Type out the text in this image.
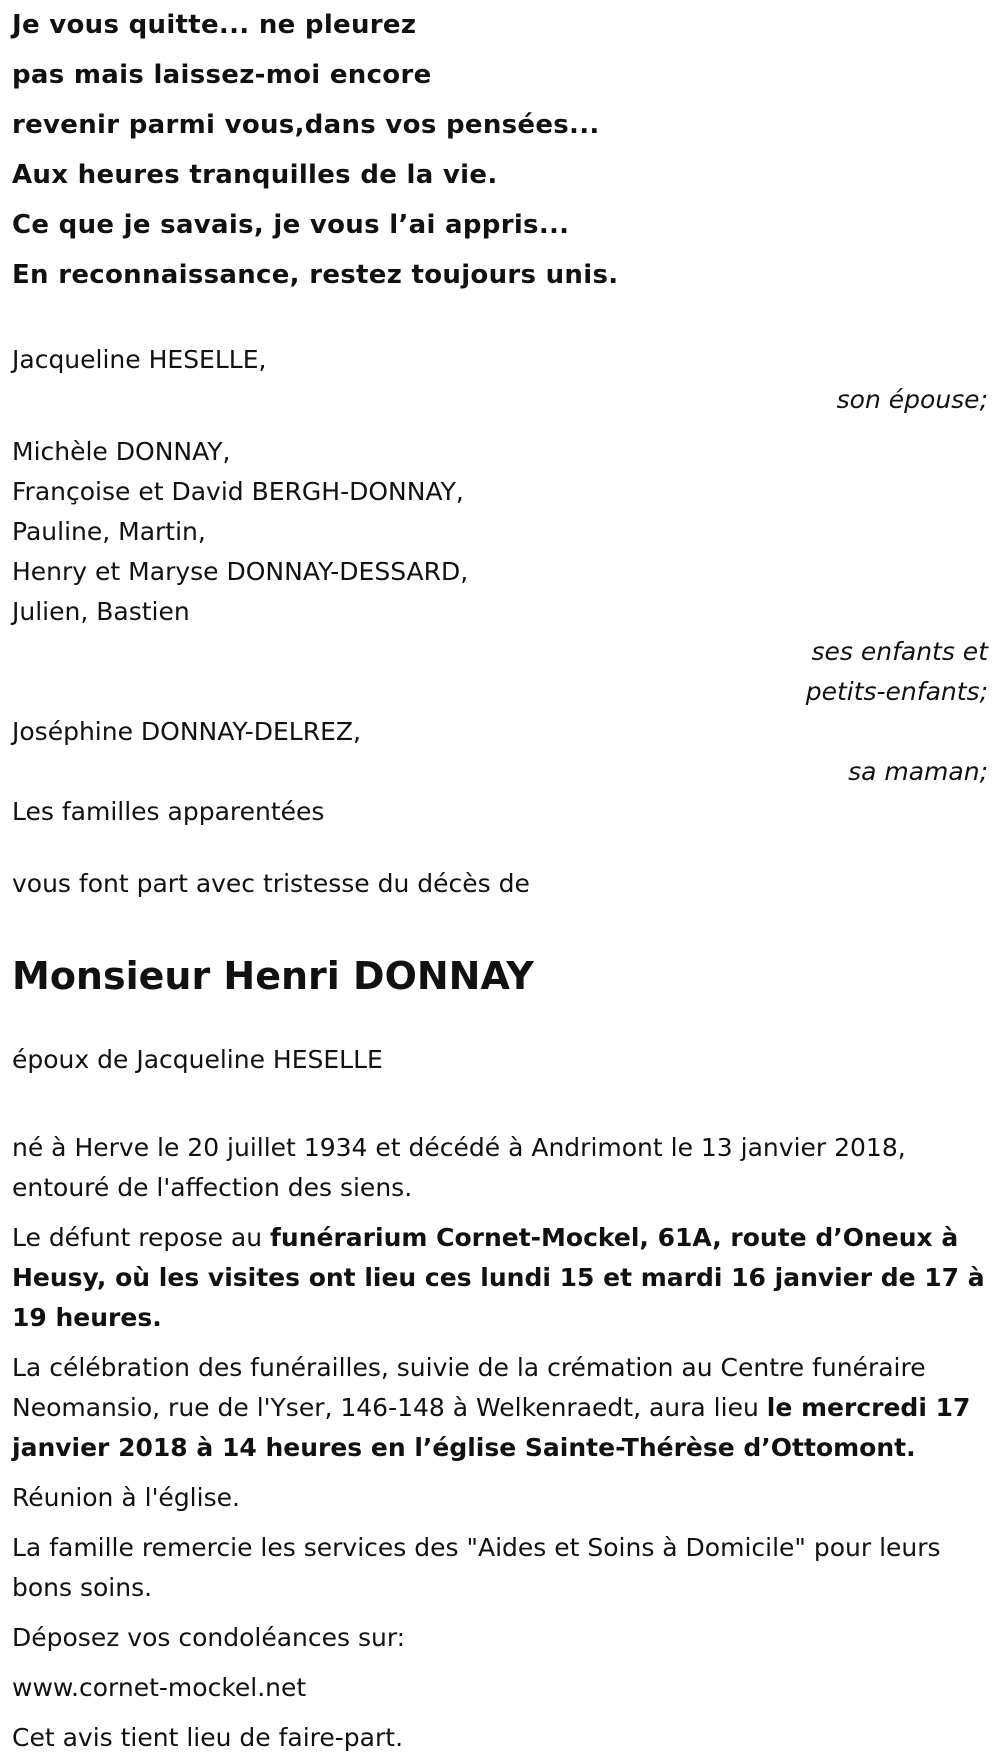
Je vous quitte... ne pleurez

pas mais laissez-moi encore

revenir parmi vous,dans vos pensées...

Aux heures tranquilles de la vie.

Ce que je savais, je vous l’ai appris...

En reconnaissance, restez toujours unis.

Jacqueline HESELLE,
son épouse;
Michèle DONNAY,
Françoise et David BERGH-DONNAY,
Pauline, Martin,
Henry et Maryse DONNAY-DESSARD,
Julien, Bastien
ses enfants et
petits-enfants;
Joséphine DONNAY-DELREZ,
sa maman;
Les familles apparentées
vous font part avec tristesse du décès de
Monsieur Henri DONNAY
époux de Jacqueline HESELLE
né à Herve le 20 juillet 1934 et décédé à Andrimont le 13 janvier 2018,
entouré de l'affection des siens.

Le défunt repose au funérarium Cornet-Mockel, 61A, route d’Oneux à Heusy, où les visites ont lieu ces lundi 15 et mardi 16 janvier de 17 à 19 heures.

La célébration des funérailles, suivie de la crémation au Centre funéraire Neomansio, rue de l'Yser, 146-148 à Welkenraedt, aura lieu le mercredi 17 janvier 2018 à 14 heures en l’église Sainte-Thérèse d’Ottomont.

Réunion à l'église.

La famille remercie les services des "Aides et Soins à Domicile" pour leurs bons soins.

Déposez vos condoléances sur:

www.cornet-mockel.net

Cet avis tient lieu de faire-part.
